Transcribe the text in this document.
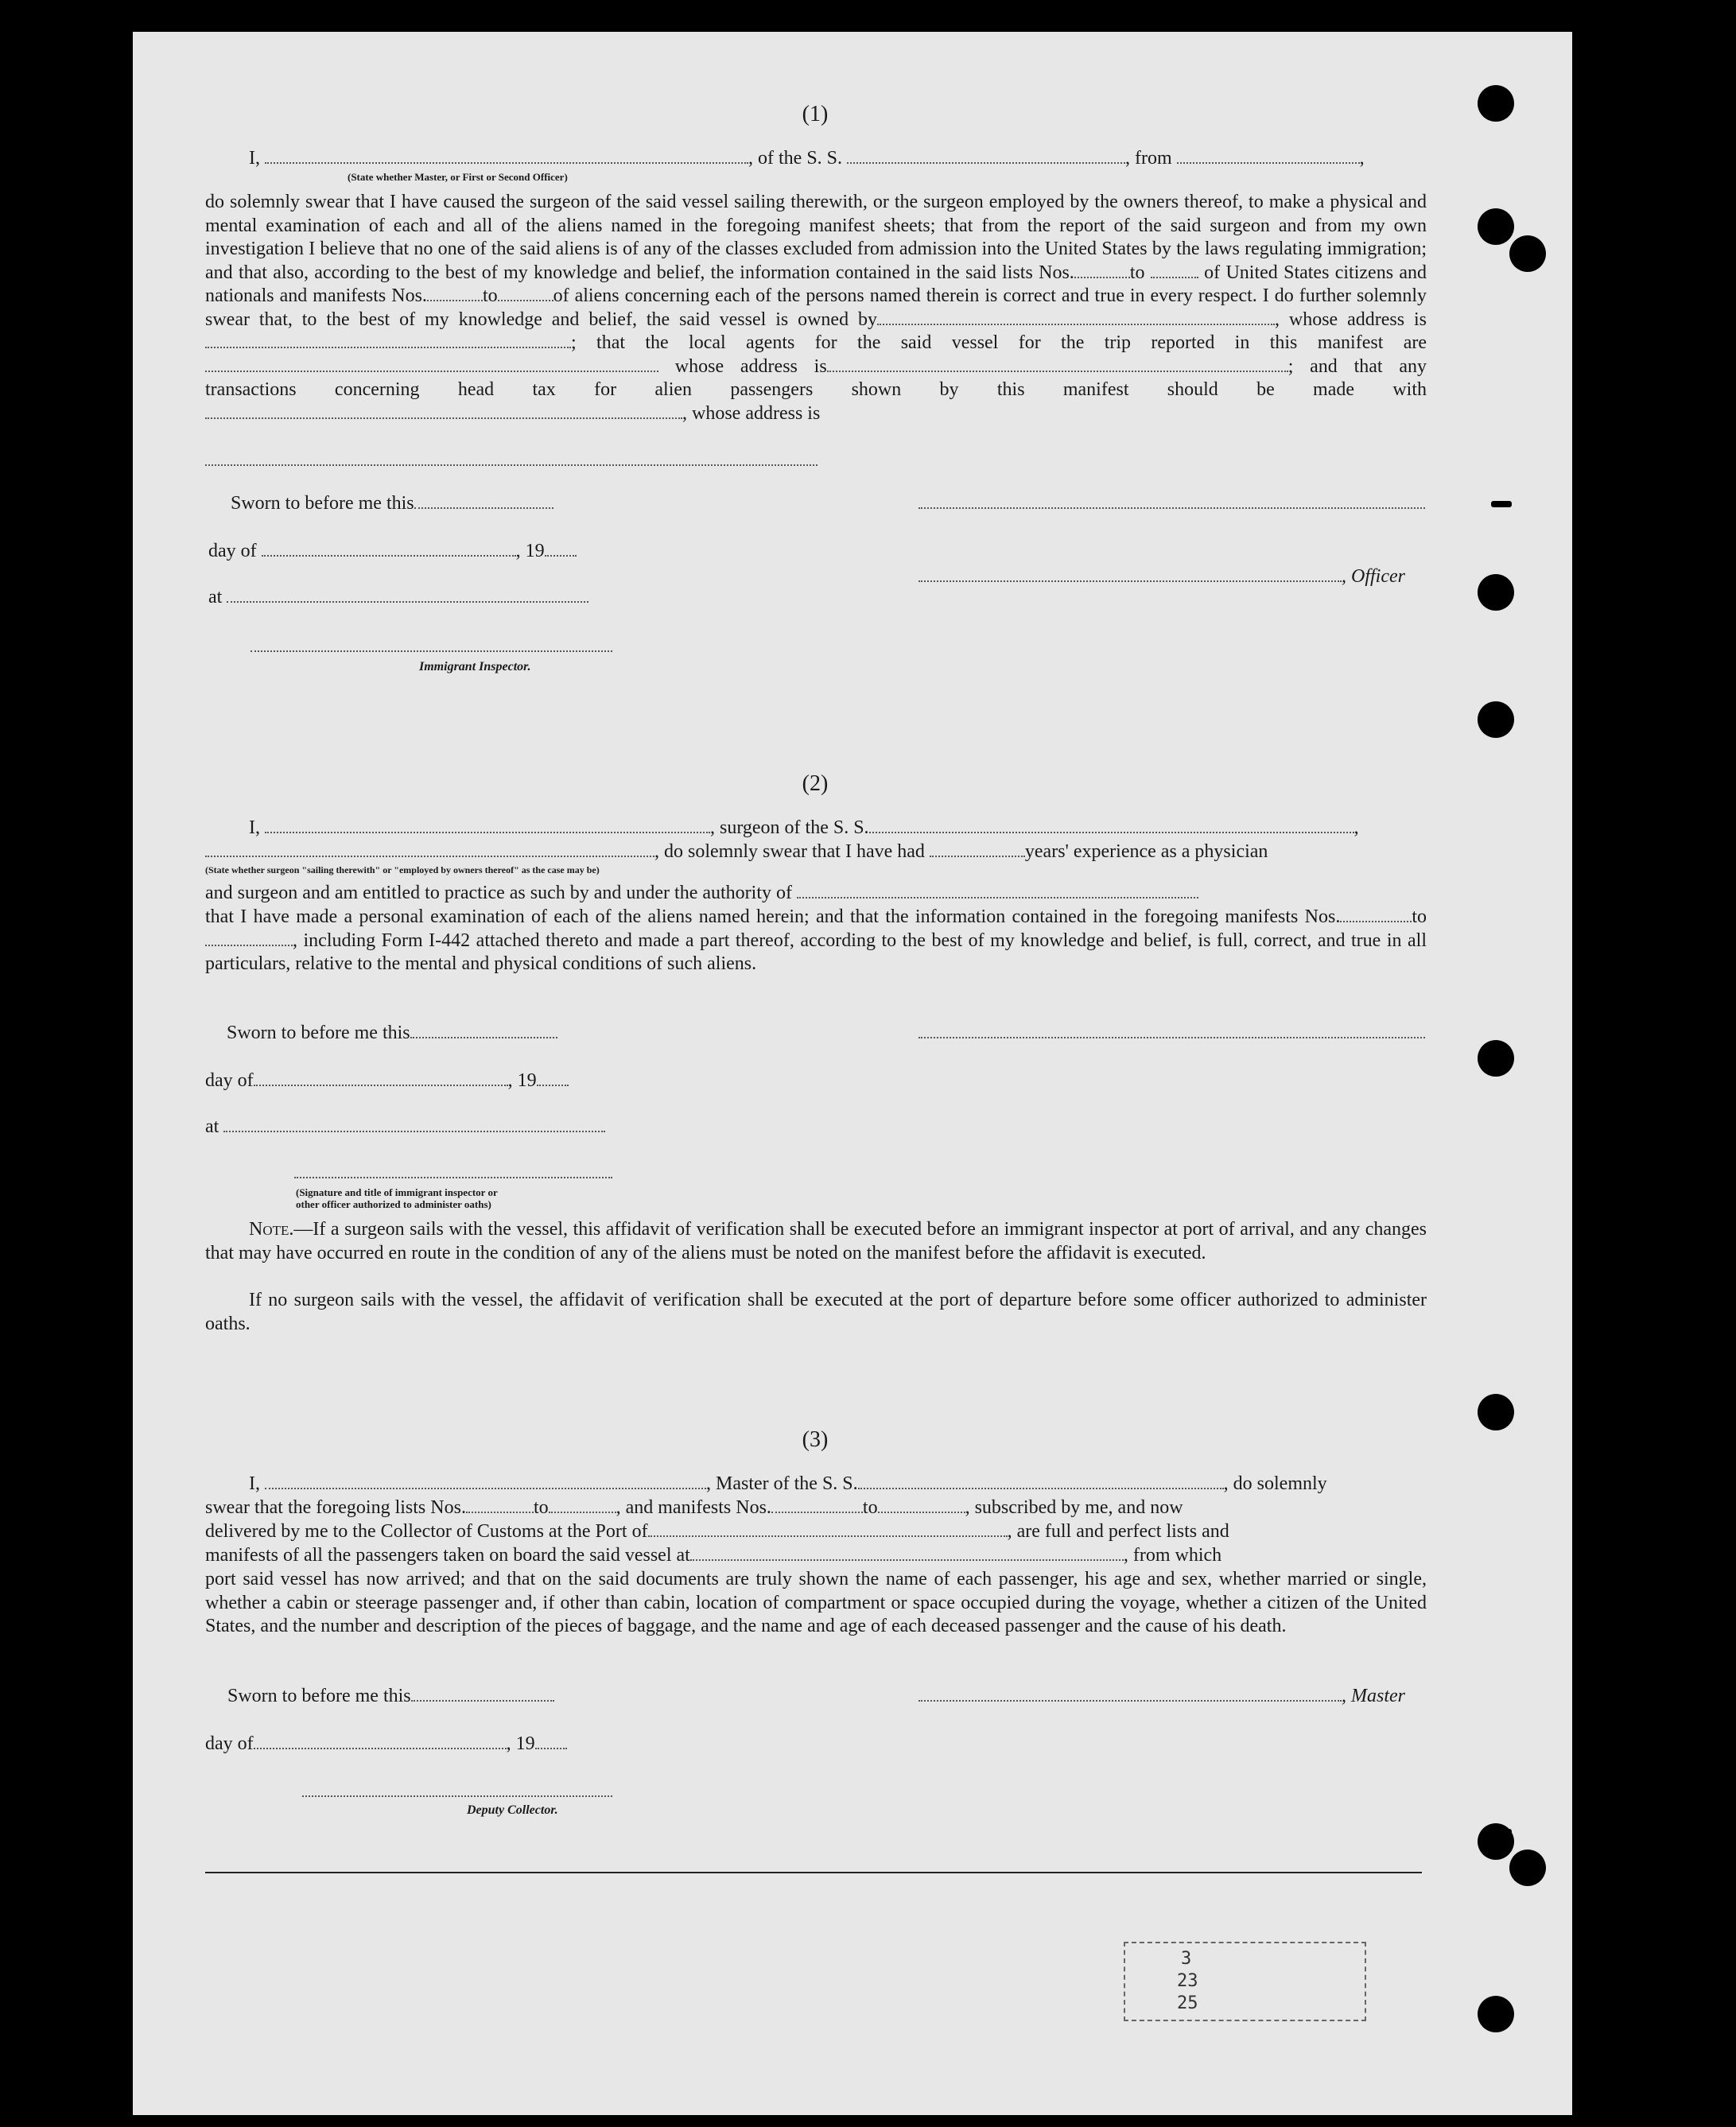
(1)
I,	, of the S. S.	, from	,
(State whether Master, or First or Second Officer)
do solemnly swear that I have caused the surgeon of the said vessel sailing therewith, or the surgeon employed by the owners thereof, to make a physical and mental examination of each and all of the aliens named in the foregoing manifest sheets; that from the report of the said surgeon and from my own investigation I believe that no one of the said aliens is of any of the classes excluded from admission into the United States by the laws regulating immigration; and that also, according to the best of my knowledge and belief, the information contained in the said lists Nos.	to	of United States citizens and nationals and manifests Nos.	to	of aliens concerning each of the persons named therein is correct and true in every respect. I do further solemnly swear that, to the best of my knowledge and belief, the said vessel is owned by	, whose address is; that the local agents for the said vessel for the trip reported in this manifest are whose address is	; and that any transactions concerning head tax for alien passengers shown by this manifest should be made with, whose address is
Sworn to before me this
day of	, 19
, Officer
at
Immigrant Inspector.
(2)
I,	, surgeon of the S. S.	,
, do solemnly swear that I have had	years' experience as a physician
(State whether surgeon "sailing therewith" or "employed by owners thereof" as the case may be)
and surgeon and am entitled to practice as such by and under the authority of
that I have made a personal examination of each of the aliens named herein; and that the information contained in the foregoing manifests Nos.	to, including Form I-442 attached thereto and made a part thereof, according to the best of my knowledge and belief, is full, correct, and true in all particulars, relative to the mental and physical conditions of such aliens.
Sworn to before me this
day of	, 19
at
(Signature and title of immigrant inspector or
other officer authorized to administer oaths)
Note.—If a surgeon sails with the vessel, this affidavit of verification shall be executed before an immigrant inspector at port of arrival, and any changes that may have occurred en route in the condition of any of the aliens must be noted on the manifest before the affidavit is executed.
If no surgeon sails with the vessel, the affidavit of verification shall be executed at the port of departure before some officer authorized to administer oaths.
(3)
I,	, Master of the S. S.	, do solemnly
swear that the foregoing lists Nos.	to	, and manifests Nos.	to	, subscribed by me, and now
delivered by me to the Collector of Customs at the Port of	, are full and perfect lists and
manifests of all the passengers taken on board the said vessel at	, from which
port said vessel has now arrived; and that on the said documents are truly shown the name of each passenger, his age and sex, whether married or single, whether a cabin or steerage passenger and, if other than cabin, location of compartment or space occupied during the voyage, whether a citizen of the United States, and the number and description of the pieces of baggage, and the name and age of each deceased passenger and the cause of his death.
Sworn to before me this	, Master
day of	, 19
Deputy Collector.
3
23
25
